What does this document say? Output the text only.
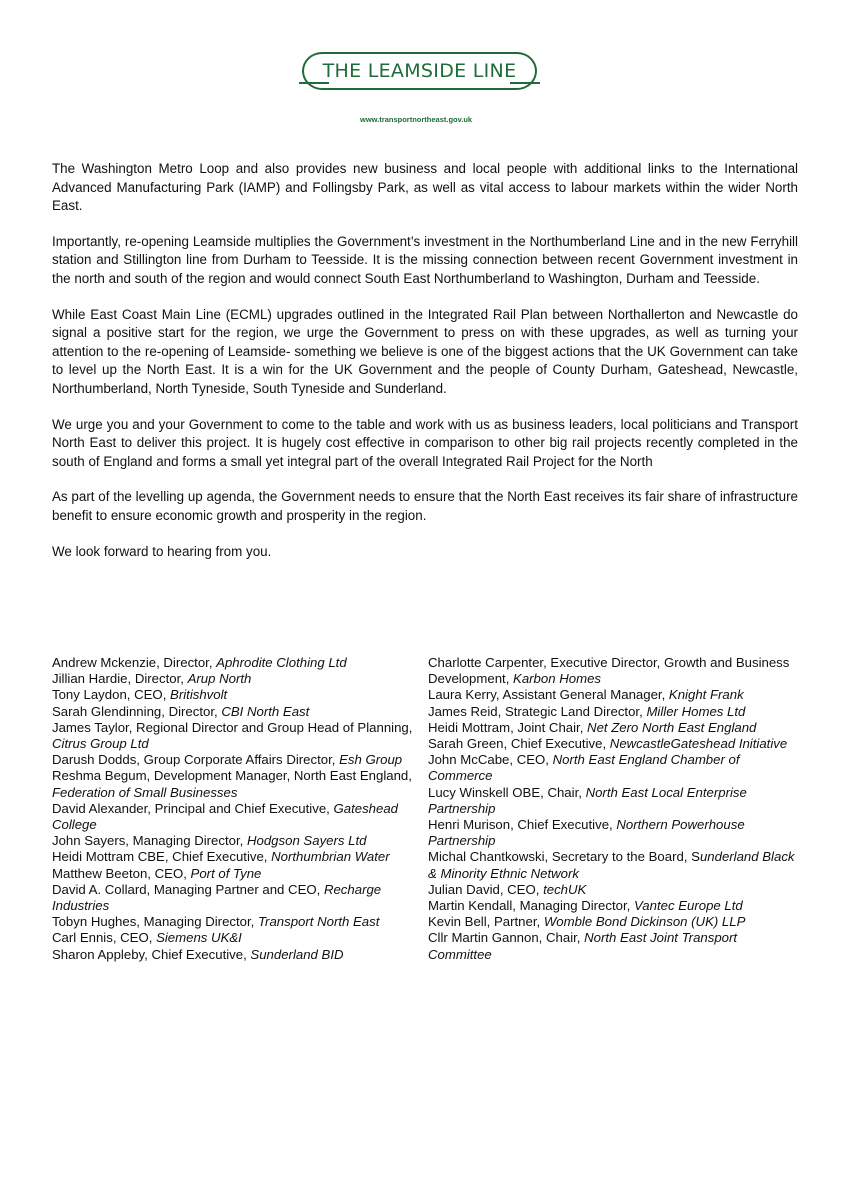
THE LEAMSIDE LINE
www.transportnortheast.gov.uk

The Washington Metro Loop and also provides new business and local people with additional links to the International Advanced Manufacturing Park (IAMP) and Follingsby Park, as well as vital access to labour markets within the wider North East.

Importantly, re-opening Leamside multiplies the Government’s investment in the Northumberland Line and in the new Ferryhill station and Stillington line from Durham to Teesside. It is the missing connection between recent Government investment in the north and south of the region and would connect South East Northumberland to Washington, Durham and Teesside.

While East Coast Main Line (ECML) upgrades outlined in the Integrated Rail Plan between Northallerton and Newcastle do signal a positive start for the region, we urge the Government to press on with these upgrades, as well as turning your attention to the re-opening of Leamside- something we believe is one of the biggest actions that the UK Government can take to level up the North East. It is a win for the UK Government and the people of County Durham, Gateshead, Newcastle, Northumberland, North Tyneside, South Tyneside and Sunderland.

We urge you and your Government to come to the table and work with us as business leaders, local politicians and Transport North East to deliver this project. It is hugely cost effective in comparison to other big rail projects recently completed in the south of England and forms a small yet integral part of the overall Integrated Rail Project for the North

As part of the levelling up agenda, the Government needs to ensure that the North East receives its fair share of infrastructure benefit to ensure economic growth and prosperity in the region.

We look forward to hearing from you.

Andrew Mckenzie, Director, Aphrodite Clothing Ltd

Jillian Hardie, Director, Arup North

Tony Laydon, CEO, Britishvolt

Sarah Glendinning, Director, CBI North East

James Taylor, Regional Director and Group Head of Planning, Citrus Group Ltd

Darush Dodds, Group Corporate Affairs Director, Esh Group

Reshma Begum, Development Manager, North East England, Federation of Small Businesses

David Alexander, Principal and Chief Executive, Gateshead College

John Sayers, Managing Director, Hodgson Sayers Ltd

Heidi Mottram CBE, Chief Executive, Northumbrian Water

Matthew Beeton, CEO, Port of Tyne

David A. Collard, Managing Partner and CEO, Recharge Industries

Tobyn Hughes, Managing Director, Transport North East

Carl Ennis, CEO, Siemens UK&I

Sharon Appleby, Chief Executive, Sunderland BID

Charlotte Carpenter, Executive Director, Growth and Business Development, Karbon Homes

Laura Kerry, Assistant General Manager, Knight Frank

James Reid, Strategic Land Director, Miller Homes Ltd

Heidi Mottram, Joint Chair, Net Zero North East England

Sarah Green, Chief Executive, NewcastleGateshead Initiative

John McCabe, CEO, North East England Chamber of Commerce

Lucy Winskell OBE, Chair, North East Local Enterprise Partnership

Henri Murison, Chief Executive, Northern Powerhouse Partnership

Michal Chantkowski, Secretary to the Board, Sunderland Black & Minority Ethnic Network

Julian David, CEO, techUK

Martin Kendall, Managing Director, Vantec Europe Ltd

Kevin Bell, Partner, Womble Bond Dickinson (UK) LLP

Cllr Martin Gannon, Chair, North East Joint Transport Committee
